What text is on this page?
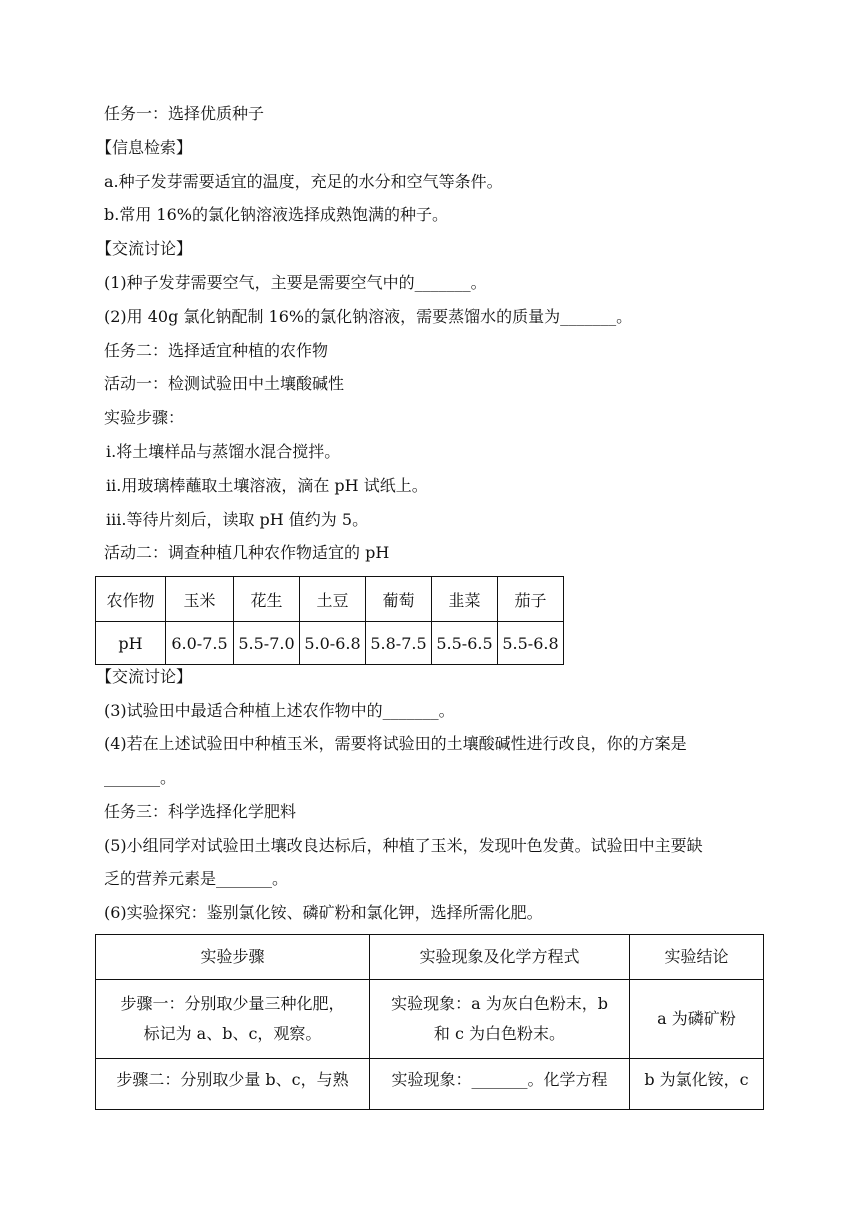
任务一：选择优质种子
【信息检索】
a.种子发芽需要适宜的温度，充足的水分和空气等条件。
b.常用 16%的氯化钠溶液选择成熟饱满的种子。
【交流讨论】
(1)种子发芽需要空气，主要是需要空气中的_______。
(2)用 40g 氯化钠配制 16%的氯化钠溶液，需要蒸馏水的质量为_______。
任务二：选择适宜种植的农作物
活动一：检测试验田中土壤酸碱性
实验步骤：
ⅰ.将土壤样品与蒸馏水混合搅拌。
ⅱ.用玻璃棒蘸取土壤溶液，滴在 pH 试纸上。
ⅲ.等待片刻后，读取 pH 值约为 5。
活动二：调查种植几种农作物适宜的 pH
农作物	玉米	花生	土豆	葡萄	韭菜	茄子
pH	6.0-7.5	5.5-7.0	5.0-6.8	5.8-7.5	5.5-6.5	5.5-6.8
【交流讨论】
(3)试验田中最适合种植上述农作物中的_______。
(4)若在上述试验田中种植玉米，需要将试验田的土壤酸碱性进行改良，你的方案是
_______。
任务三：科学选择化学肥料
(5)小组同学对试验田土壤改良达标后，种植了玉米，发现叶色发黄。试验田中主要缺
乏的营养元素是_______。
(6)实验探究：鉴别氯化铵、磷矿粉和氯化钾，选择所需化肥。
实验步骤	实验现象及化学方程式	实验结论

步骤一：分别取少量三种化肥，
标记为 a、b、c，观察。	实验现象：a 为灰白色粉末，b
和 c 为白色粉末。	a 为磷矿粉

步骤二：分别取少量 b、c，与熟	实验现象：_______。化学方程	b 为氯化铵，c
